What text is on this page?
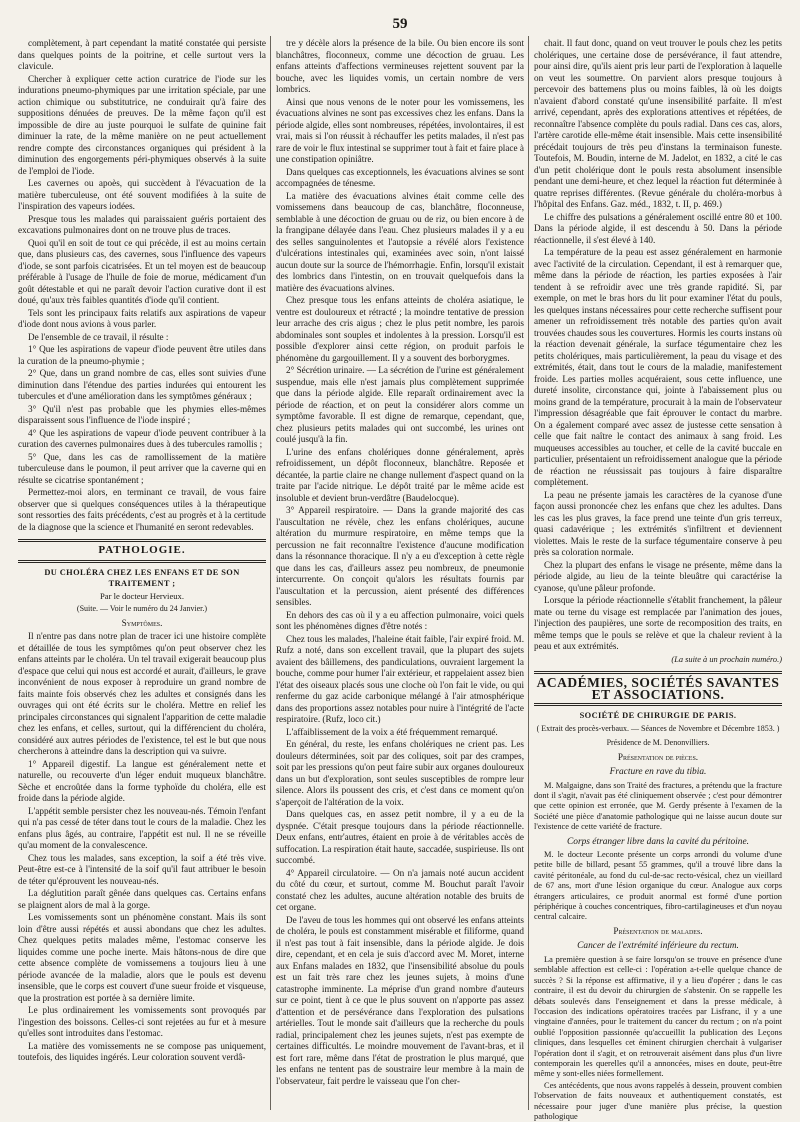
59

complètement, à part cependant la matité constatée qui persiste dans quelques points de la poitrine, et celle surtout vers la clavicule.

Chercher à expliquer cette action curatrice de l'iode sur les indurations pneumo-phymiques par une irritation spéciale, par une action chimique ou substitutrice, ne conduirait qu'à faire des suppositions dénuées de preuves. De la même façon qu'il est impossible de dire au juste pourquoi le sulfate de quinine fait diminuer la rate, de la même manière on ne peut actuellement rendre compte des circonstances organiques qui président à la diminution des engorgements péri-phymiques observés à la suite de l'emploi de l'iode.

Les cavernes ou apoès, qui succèdent à l'évacuation de la matière tuberculeuse, ont été souvent modifiées à la suite de l'inspiration des vapeurs iodées.

Presque tous les malades qui paraissaient guéris portaient des excavations pulmonaires dont on ne trouve plus de traces.

Quoi qu'il en soit de tout ce qui précède, il est au moins certain que, dans plusieurs cas, des cavernes, sous l'influence des vapeurs d'iode, se sont parfois cicatrisées. Et un tel moyen est de beaucoup préférable à l'usage de l'huile de foie de morue, médicament d'un goût détestable et qui ne paraît devoir l'action curative dont il est doué, qu'aux très faibles quantités d'iode qu'il contient.

Tels sont les principaux faits relatifs aux aspirations de vapeur d'iode dont nous avions à vous parler.

De l'ensemble de ce travail, il résulte :

1° Que les aspirations de vapeur d'iode peuvent être utiles dans la curation de la pneumo-phymie ;

2° Que, dans un grand nombre de cas, elles sont suivies d'une diminution dans l'étendue des parties indurées qui entourent les tubercules et d'une amélioration dans les symptômes généraux ;

3° Qu'il n'est pas probable que les phymies elles-mêmes disparaissent sous l'influence de l'iode inspiré ;

4° Que les aspirations de vapeur d'iode peuvent contribuer à la curation des cavernes pulmonaires dues à des tubercules ramollis ;

5° Que, dans les cas de ramollissement de la matière tuberculeuse dans le poumon, il peut arriver que la caverne qui en résulte se cicatrise spontanément ;

Permettez-moi alors, en terminant ce travail, de vous faire observer que si quelques conséquences utiles à la thérapeutique sont ressorties des faits précédents, c'est au progrès et à la certitude de la diagnose que la science et l'humanité en seront redevables.

PATHOLOGIE.
DU CHOLÉRA CHEZ LES ENFANS ET DE SON TRAITEMENT ;
Par le docteur Hervieux.
(Suite. — Voir le numéro du 24 Janvier.)
Symptômes.

Il n'entre pas dans notre plan de tracer ici une histoire complète et détaillée de tous les symptômes qu'on peut observer chez les enfans atteints par le choléra. Un tel travail exigerait beaucoup plus d'espace que celui qui nous est accordé et aurait, d'ailleurs, le grave inconvénient de nous exposer à reproduire un grand nombre de faits mainte fois observés chez les adultes et consignés dans les ouvrages qui ont été écrits sur le choléra. Mettre en relief les principales circonstances qui signalent l'apparition de cette maladie chez les enfans, et celles, surtout, qui la différencient du choléra, considéré aux autres périodes de l'existence, tel est le but que nous chercherons à atteindre dans la description qui va suivre.

1° Appareil digestif. La langue est généralement nette et naturelle, ou recouverte d'un léger enduit muqueux blanchâtre. Sèche et encroûtée dans la forme typhoïde du choléra, elle est froide dans la période algide.

L'appétit semble persister chez les nouveau-nés. Témoin l'enfant qui n'a pas cessé de téter dans tout le cours de la maladie. Chez les enfans plus âgés, au contraire, l'appétit est nul. Il ne se réveille qu'au moment de la convalescence.

Chez tous les malades, sans exception, la soif a été très vive. Peut-être est-ce à l'intensité de la soif qu'il faut attribuer le besoin de téter qu'éprouvent les nouveau-nés.

La déglutition paraît gênée dans quelques cas. Certains enfans se plaignent alors de mal à la gorge.

Les vomissements sont un phénomène constant. Mais ils sont loin d'être aussi répétés et aussi abondans que chez les adultes. Chez quelques petits malades même, l'estomac conserve les liquides comme une poche inerte. Mais hâtons-nous de dire que cette absence complète de vomissemens a toujours lieu à une période avancée de la maladie, alors que le pouls est devenu insensible, que le corps est couvert d'une sueur froide et visqueuse, que la prostration est portée à sa dernière limite.

Le plus ordinairement les vomissements sont provoqués par l'ingestion des boissons. Celles-ci sont rejetées au fur et à mesure qu'elles sont introduites dans l'estomac.

La matière des vomissements ne se compose pas uniquement, toutefois, des liquides ingérés. Leur coloration souvent verdâ-

tre y décèle alors la présence de la bile. Ou bien encore ils sont blanchâtres, floconneux, comme une décoction de gruau. Les enfans atteints d'affections vermineuses rejettent souvent par la bouche, avec les liquides vomis, un certain nombre de vers lombrics.

Ainsi que nous venons de le noter pour les vomissemens, les évacuations alvines ne sont pas excessives chez les enfans. Dans la période algide, elles sont nombreuses, répétées, involontaires, il est vrai, mais si l'on réussit à réchauffer les petits malades, il n'est pas rare de voir le flux intestinal se supprimer tout à fait et faire place à une constipation opiniâtre.

Dans quelques cas exceptionnels, les évacuations alvines se sont accompagnées de ténesme.

La matière des évacuations alvines était comme celle des vomissemens dans beaucoup de cas, blanchâtre, floconneuse, semblable à une décoction de gruau ou de riz, ou bien encore à de la frangipane délayée dans l'eau. Chez plusieurs malades il y a eu des selles sanguinolentes et l'autopsie a révélé alors l'existence d'ulcérations intestinales qui, examinées avec soin, n'ont laissé aucun doute sur la source de l'hémorrhagie. Enfin, lorsqu'il existait des lombrics dans l'intestin, on en trouvait quelquefois dans la matière des évacuations alvines.

Chez presque tous les enfans atteints de choléra asiatique, le ventre est douloureux et rétracté ; la moindre tentative de pression leur arrache des cris aigus ; chez le plus petit nombre, les parois abdominales sont souples et indolentes à la pression. Lorsqu'il est possible d'explorer ainsi cette région, on produit parfois le phénomène du gargouillement. Il y a souvent des borborygmes.

2° Sécrétion urinaire. — La sécrétion de l'urine est généralement suspendue, mais elle n'est jamais plus complètement supprimée que dans la période algide. Elle reparaît ordinairement avec la période de réaction, et on peut la considérer alors comme un symptôme favorable. Il est digne de remarque, cependant, que, chez plusieurs petits malades qui ont succombé, les urines ont coulé jusqu'à la fin.

L'urine des enfans cholériques donne généralement, après refroidissement, un dépôt floconneux, blanchâtre. Reposée et décantée, la partie claire ne change nullement d'aspect quand on la traite par l'acide nitrique. Le dépôt traité par le même acide est insoluble et devient brun-verdâtre (Baudelocque).

3° Appareil respiratoire. — Dans la grande majorité des cas l'auscultation ne révèle, chez les enfans cholériques, aucune altération du murmure respiratoire, en même temps que la percussion ne fait reconnaître l'existence d'aucune modification dans la résonnance thoracique. Il n'y a eu d'exception à cette règle que dans les cas, d'ailleurs assez peu nombreux, de pneumonie intercurrente. On conçoit qu'alors les résultats fournis par l'auscultation et la percussion, aient présenté des différences sensibles.

En dehors des cas où il y a eu affection pulmonaire, voici quels sont les phénomènes dignes d'être notés :

Chez tous les malades, l'haleine était faible, l'air expiré froid. M. Rufz a noté, dans son excellent travail, que la plupart des sujets avaient des bâillemens, des pandiculations, ouvraient largement la bouche, comme pour humer l'air extérieur, et rappelaient assez bien l'état des oiseaux placés sous une cloche où l'on fait le vide, ou qui renferme du gaz acide carbonique mélangé à l'air atmosphérique dans des proportions assez notables pour nuire à l'intégrité de l'acte respiratoire. (Rufz, loco cit.)

L'affaiblissement de la voix a été fréquemment remarqué.

En général, du reste, les enfans cholériques ne crient pas. Les douleurs déterminées, soit par des coliques, soit par des crampes, soit par les pressions qu'on peut faire subir aux organes douloureux dans un but d'exploration, sont seules susceptibles de rompre leur silence. Alors ils poussent des cris, et c'est dans ce moment qu'on s'aperçoit de l'altération de la voix.

Dans quelques cas, en assez petit nombre, il y a eu de la dyspnée. C'était presque toujours dans la période réactionnelle. Deux enfans, entr'autres, étaient en proie à de véritables accès de suffocation. La respiration était haute, saccadée, suspirieuse. Ils ont succombé.

4° Appareil circulatoire. — On n'a jamais noté aucun accident du côté du cœur, et surtout, comme M. Bouchut paraît l'avoir constaté chez les adultes, aucune altération notable des bruits de cet organe.

De l'aveu de tous les hommes qui ont observé les enfans atteints de choléra, le pouls est constamment misérable et filiforme, quand il n'est pas tout à fait insensible, dans la période algide. Je dois dire, cependant, et en cela je suis d'accord avec M. Moret, interne aux Enfans malades en 1832, que l'insensibilité absolue du pouls est un fait très rare chez les jeunes sujets, à moins d'une catastrophe imminente. La méprise d'un grand nombre d'auteurs sur ce point, tient à ce que le plus souvent on n'apporte pas assez d'attention et de persévérance dans l'exploration des pulsations artérielles. Tout le monde sait d'ailleurs que la recherche du pouls radial, principalement chez les jeunes sujets, n'est pas exempte de certaines difficultés. Le moindre mouvement de l'avant-bras, et il est fort rare, même dans l'état de prostration le plus marqué, que les enfans ne tentent pas de soustraire leur membre à la main de l'observateur, fait perdre le vaisseau que l'on cher-

chait. Il faut donc, quand on veut trouver le pouls chez les petits cholériques, une certaine dose de persévérance, il faut attendre, pour ainsi dire, qu'ils aient pris leur parti de l'exploration à laquelle on veut les soumettre. On parvient alors presque toujours à percevoir des battemens plus ou moins faibles, là où les doigts n'avaient d'abord constaté qu'une insensibilité parfaite. Il m'est arrivé, cependant, après des explorations attentives et répétées, de reconnaître l'absence complète du pouls radial. Dans ces cas, alors, l'artère carotide elle-même était insensible. Mais cette insensibilité précédait toujours de très peu d'instans la terminaison funeste. Toutefois, M. Boudin, interne de M. Jadelot, en 1832, a cité le cas d'un petit cholérique dont le pouls resta absolument insensible pendant une demi-heure, et chez lequel la réaction fut déterminée à quatre reprises différentes. (Revue générale du choléra-morbus à l'hôpital des Enfans. Gaz. méd., 1832, t. II, p. 469.)

Le chiffre des pulsations a généralement oscillé entre 80 et 100. Dans la période algide, il est descendu à 50. Dans la période réactionnelle, il s'est élevé à 140.

La température de la peau est assez généralement en harmonie avec l'activité de la circulation. Cependant, il est à remarquer que, même dans la période de réaction, les parties exposées à l'air tendent à se refroidir avec une très grande rapidité. Si, par exemple, on met le bras hors du lit pour examiner l'état du pouls, les quelques instans nécessaires pour cette recherche suffisent pour amener un refroidissement très notable des parties qu'on avait trouvées chaudes sous les couvertures. Hormis les courts instans où la réaction devenait générale, la surface tégumentaire chez les petits cholériques, mais particulièrement, la peau du visage et des extrémités, était, dans tout le cours de la maladie, manifestement froide. Les parties molles acquéraient, sous cette influence, une dureté insolite, circonstance qui, jointe à l'abaissement plus ou moins grand de la température, procurait à la main de l'observateur l'impression désagréable que fait éprouver le contact du marbre. On a également comparé avec assez de justesse cette sensation à celle que fait naître le contact des animaux à sang froid. Les muqueuses accessibles au toucher, et celle de la cavité buccale en particulier, présentaient un refroidissement analogue que la période de réaction ne réussissait pas toujours à faire disparaître complètement.

La peau ne présente jamais les caractères de la cyanose d'une façon aussi prononcée chez les enfans que chez les adultes. Dans les cas les plus graves, la face prend une teinte d'un gris terreux, quasi cadavérique ; les extrémités s'infiltrent et deviennent violettes. Mais le reste de la surface tégumentaire conserve à peu près sa coloration normale.

Chez la plupart des enfans le visage ne présente, même dans la période algide, au lieu de la teinte bleuâtre qui caractérise la cyanose, qu'une pâleur profonde.

Lorsque la période réactionnelle s'établit franchement, la pâleur mate ou terne du visage est remplacée par l'animation des joues, l'injection des paupières, une sorte de recomposition des traits, en même temps que le pouls se relève et que la chaleur revient à la peau et aux extrémités.

(La suite à un prochain numéro.)
ACADÉMIES, SOCIÉTÉS SAVANTES ET ASSOCIATIONS.
SOCIÉTÉ DE CHIRURGIE DE PARIS.
( Extrait des procès-verbaux. — Séances de Novembre et Décembre 1853. )
Présidence de M. Denonvilliers.
Présentation de pièces.
Fracture en rave du tibia.

M. Malgaigne, dans son Traité des fractures, a prétendu que la fracture dont il s'agit, n'avait pas été cliniquement observée ; c'est pour démontrer que cette opinion est erronée, que M. Gerdy présente à l'examen de la Société une pièce d'anatomie pathologique qui ne laisse aucun doute sur l'existence de cette variété de fracture.

Corps étranger libre dans la cavité du péritoine.

M. le docteur Leconte présente un corps arrondi du volume d'une petite bille de billard, pesant 55 grammes, qu'il a trouvé libre dans la cavité péritonéale, au fond du cul-de-sac recto-vésical, chez un vieillard de 67 ans, mort d'une lésion organique du cœur. Analogue aux corps étrangers articulaires, ce produit anormal est formé d'une portion périphérique à couches concentriques, fibro-cartilagineuses et d'un noyau central calcaire.

Présentation de malades.
Cancer de l'extrémité inférieure du rectum.

La première question à se faire lorsqu'on se trouve en présence d'une semblable affection est celle-ci : l'opération a-t-elle quelque chance de succès ? Si la réponse est affirmative, il y a lieu d'opérer ; dans le cas contraire, il est du devoir du chirurgien de s'abstenir. On se rappelle les débats soulevés dans l'enseignement et dans la presse médicale, à l'occasion des indications opératoires tracées par Lisfranc, il y a une vingtaine d'années, pour le traitement du cancer du rectum ; on n'a point oublié l'opposition passionnée qu'accueillit la publication des Leçons cliniques, dans lesquelles cet éminent chirurgien cherchait à vulgariser l'opération dont il s'agit, et on retrouverait aisément dans plus d'un livre contemporain les querelles qu'il a annoncées, mises en doute, peut-être même y sont-elles niées formellement.

Ces antécédents, que nous avons rappelés à dessein, prouvent combien l'observation de faits nouveaux et authentiquement constatés, est nécessaire pour juger d'une manière plus précise, la question pathologique
